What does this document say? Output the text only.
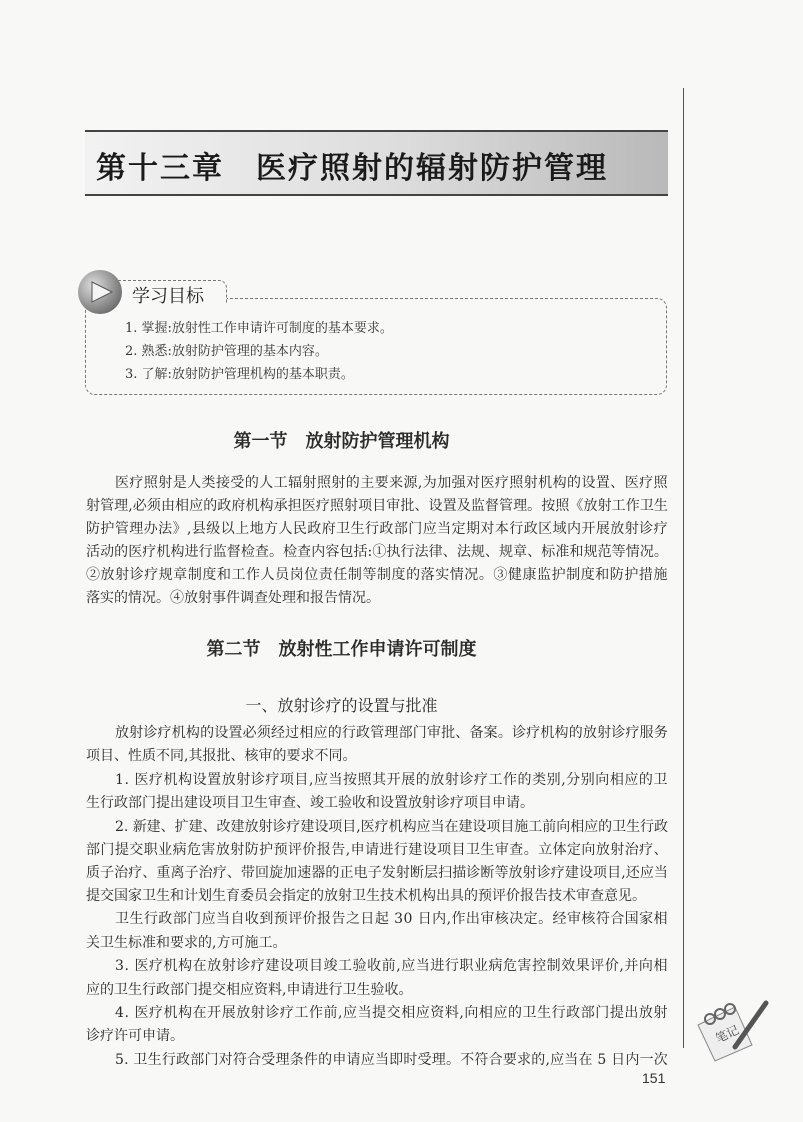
第十三章　医疗照射的辐射防护管理
学习目标
1. 掌握:放射性工作申请许可制度的基本要求。
2. 熟悉:放射防护管理的基本内容。
3. 了解:放射防护管理机构的基本职责。
第一节　放射防护管理机构
医疗照射是人类接受的人工辐射照射的主要来源,为加强对医疗照射机构的设置、医疗照
射管理,必须由相应的政府机构承担医疗照射项目审批、设置及监督管理。按照《放射工作卫生
防护管理办法》,县级以上地方人民政府卫生行政部门应当定期对本行政区域内开展放射诊疗
活动的医疗机构进行监督检查。检查内容包括:①执行法律、法规、规章、标准和规范等情况。
②放射诊疗规章制度和工作人员岗位责任制等制度的落实情况。③健康监护制度和防护措施
落实的情况。④放射事件调查处理和报告情况。
第二节　放射性工作申请许可制度
一、放射诊疗的设置与批准
放射诊疗机构的设置必须经过相应的行政管理部门审批、备案。诊疗机构的放射诊疗服务
项目、性质不同,其报批、核审的要求不同。
1. 医疗机构设置放射诊疗项目,应当按照其开展的放射诊疗工作的类别,分别向相应的卫
生行政部门提出建设项目卫生审查、竣工验收和设置放射诊疗项目申请。
2. 新建、扩建、改建放射诊疗建设项目,医疗机构应当在建设项目施工前向相应的卫生行政
部门提交职业病危害放射防护预评价报告,申请进行建设项目卫生审查。立体定向放射治疗、
质子治疗、重离子治疗、带回旋加速器的正电子发射断层扫描诊断等放射诊疗建设项目,还应当
提交国家卫生和计划生育委员会指定的放射卫生技术机构出具的预评价报告技术审查意见。
卫生行政部门应当自收到预评价报告之日起 30 日内,作出审核决定。经审核符合国家相
关卫生标准和要求的,方可施工。
3. 医疗机构在放射诊疗建设项目竣工验收前,应当进行职业病危害控制效果评价,并向相
应的卫生行政部门提交相应资料,申请进行卫生验收。
4. 医疗机构在开展放射诊疗工作前,应当提交相应资料,向相应的卫生行政部门提出放射
诊疗许可申请。
5. 卫生行政部门对符合受理条件的申请应当即时受理。不符合要求的,应当在 5 日内一次
笔记
151
